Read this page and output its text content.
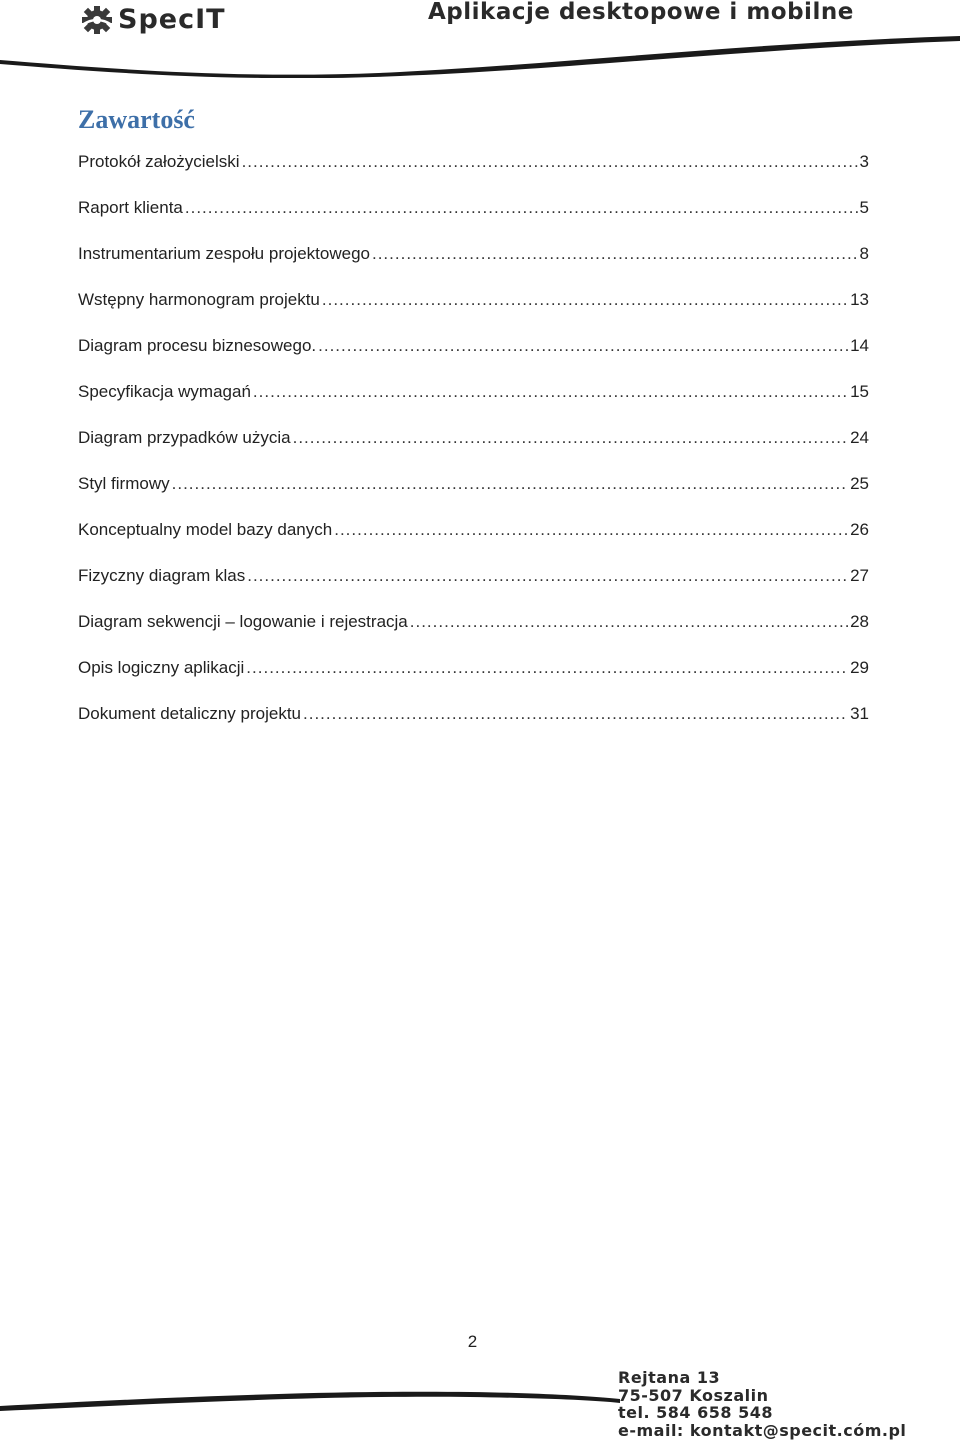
SpecIT	Aplikacje desktopowe i mobilne
Zawartość
Protokół założycielski .....	3
Raport klienta .....	5
Instrumentarium zespołu projektowego .....	8
Wstępny harmonogram projektu .....	13
Diagram procesu biznesowego. .....	14
Specyfikacja wymagań .....	15
Diagram przypadków użycia .....	24
Styl firmowy .....	25
Konceptualny model bazy danych .....	26
Fizyczny diagram klas .....	27
Diagram sekwencji – logowanie i rejestracja .....	28
Opis logiczny aplikacji .....	29
Dokument detaliczny projektu .....	31
2
Rejtana 13
75-507 Koszalin
tel. 584 658 548
e-mail: kontakt@specit.cóm.pl
